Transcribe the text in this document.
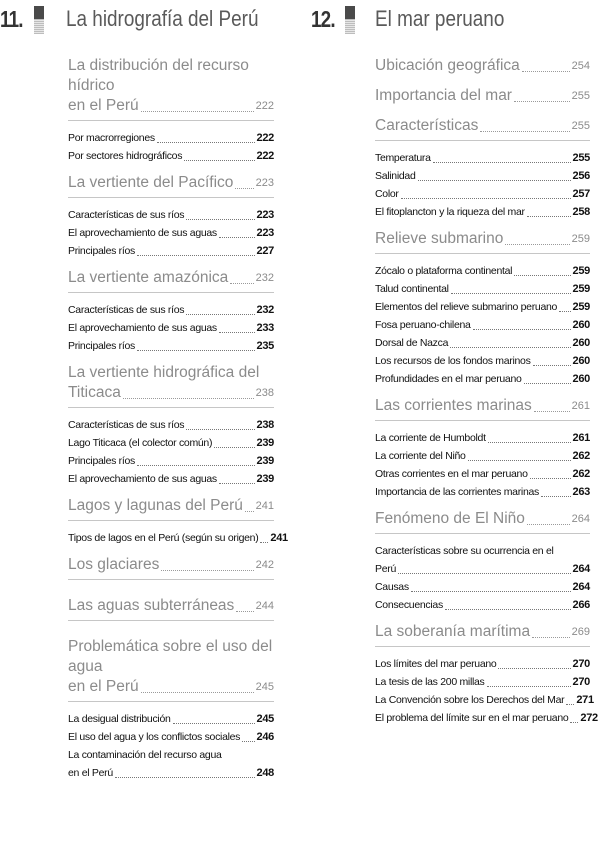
11. La hidrografía del Perú
La distribución del recurso hídrico
en el Perú	222
Por macrorregiones	222
Por sectores hidrográficos	222
La vertiente del Pacífico 223
Características de sus ríos	223
El aprovechamiento de sus aguas	223
Principales ríos	227
La vertiente amazónica 232
Características de sus ríos	232
El aprovechamiento de sus aguas	233
Principales ríos	235
La vertiente hidrográfica del
Titicaca	238
Características de sus ríos	238
Lago Titicaca (el colector común)	239
Principales ríos	239
El aprovechamiento de sus aguas	239
Lagos y lagunas del Perú 241
Tipos de lagos en el Perú (según su origen) 241
Los glaciares	242
Las aguas subterráneas 244
Problemática sobre el uso del agua
en el Perú	245
La desigual distribución	245
El uso del agua y los conflictos sociales 246
La contaminación del recurso agua
en el Perú	248
12. El mar peruano
Ubicación geográfica	254
Importancia del mar	255
Características	255
Temperatura	255
Salinidad	256
Color	257
El fitoplancton y la riqueza del mar	258
Relieve submarino	259
Zócalo o plataforma continental	259
Talud continental	259
Elementos del relieve submarino peruano 259
Fosa peruano-chilena	260
Dorsal de Nazca	260
Los recursos de los fondos marinos	260
Profundidades en el mar peruano	260
Las corrientes marinas	261
La corriente de Humboldt	261
La corriente del Niño	262
Otras corrientes en el mar peruano	262
Importancia de las corrientes marinas	263
Fenómeno de El Niño	264
Características sobre su ocurrencia en el
Perú	264
Causas	264
Consecuencias	266
La soberanía marítima	269
Los límites del mar peruano	270
La tesis de las 200 millas	270
La Convención sobre los Derechos del Mar 271
El problema del límite sur en el mar peruano 272
